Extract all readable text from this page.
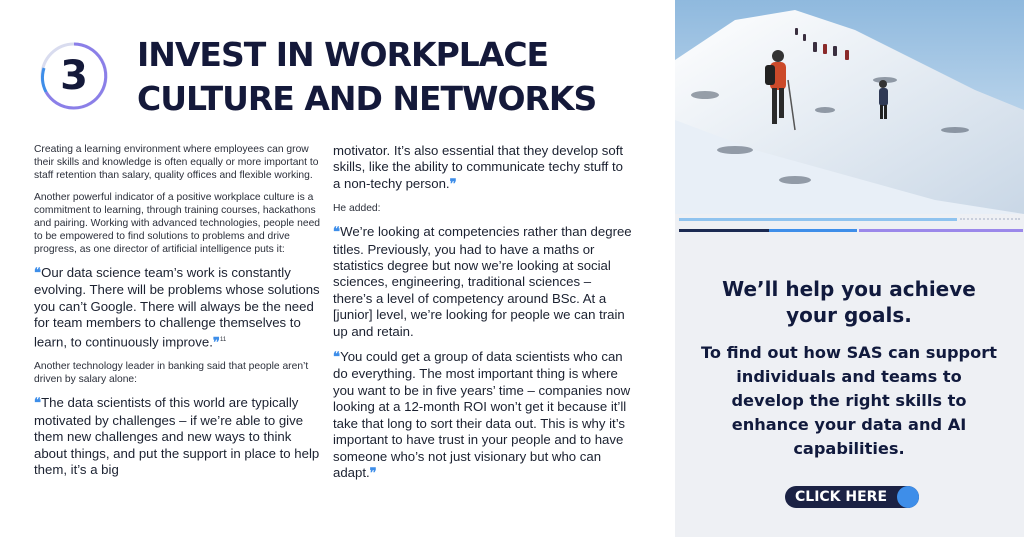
3	INVEST IN WORKPLACE
CULTURE AND NETWORKS

Creating a learning environment where employees can grow their skills and knowledge is often equally or more important to staff retention than salary, quality offices and flexible working.

Another powerful indicator of a positive workplace culture is a commitment to learning, through training courses, hackathons and pairing. Working with advanced technologies, people need to be empowered to find solutions to problems and drive progress, as one director of artificial intelligence puts it:

❝Our data science team’s work is constantly evolving. There will be problems whose solutions you can’t Google. There will always be the need for team members to challenge themselves to learn, to continuously improve.❞$^{11}$

Another technology leader in banking said that people aren’t driven by salary alone:

❝The data scientists of this world are typically motivated by challenges – if we’re able to give them new challenges and new ways to think about things, and put the support in place to help them, it’s a big

motivator. It’s also essential that they develop soft skills, like the ability to communicate techy stuff to a non-techy person.❞

He added:

❝We’re looking at competencies rather than degree titles. Previously, you had to have a maths or statistics degree but now we’re looking at social sciences, engineering, traditional sciences – there’s a level of competency around BSc. At a [junior] level, we’re looking for people we can train up and retain.

❝You could get a group of data scientists who can do everything. The most important thing is where you want to be in five years’ time – companies now looking at a 12-month ROI won’t get it because it’ll take that long to sort their data out. This is why it’s important to have trust in your people and to have someone who’s not just visionary but who can adapt.❞

We’ll help you achieve your goals.
To find out how SAS can support individuals and teams to develop the right skills to enhance your data and AI capabilities.
CLICK HERE
